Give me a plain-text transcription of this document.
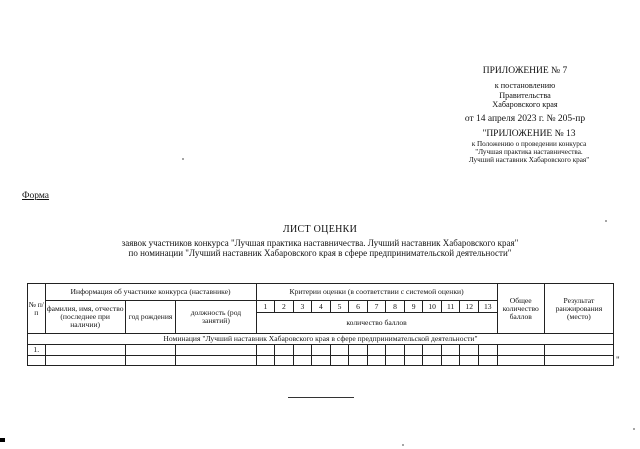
ПРИЛОЖЕНИЕ № 7
к постановлению
Правительства
Хабаровского края
от 14 апреля 2023 г. № 205-пр
"ПРИЛОЖЕНИЕ № 13
к Положению о проведении конкурса
"Лучшая практика наставничества.
Лучший наставник Хабаровского края"
Форма
ЛИСТ ОЦЕНКИ
заявок участников конкурса "Лучшая практика наставничества. Лучший наставник Хабаровского края"
по номинации "Лучший наставник Хабаровского края в сфере предпринимательской деятельности"
№ п/п	Информация об участнике конкурса (наставнике)			Критерии оценки (в соответствии с системой оценки)													Общее количество баллов	Результат ранжирования (место)
	фамилия, имя, отчество (последнее при наличии)	год рождения	должность (род занятий)	1	2	3	4	5	6	7	8	9	10	11	12	13		
				количество баллов														
Номинация "Лучший наставник Хабаровского края в сфере предпринимательской деятельности"																		
1.																		

"
